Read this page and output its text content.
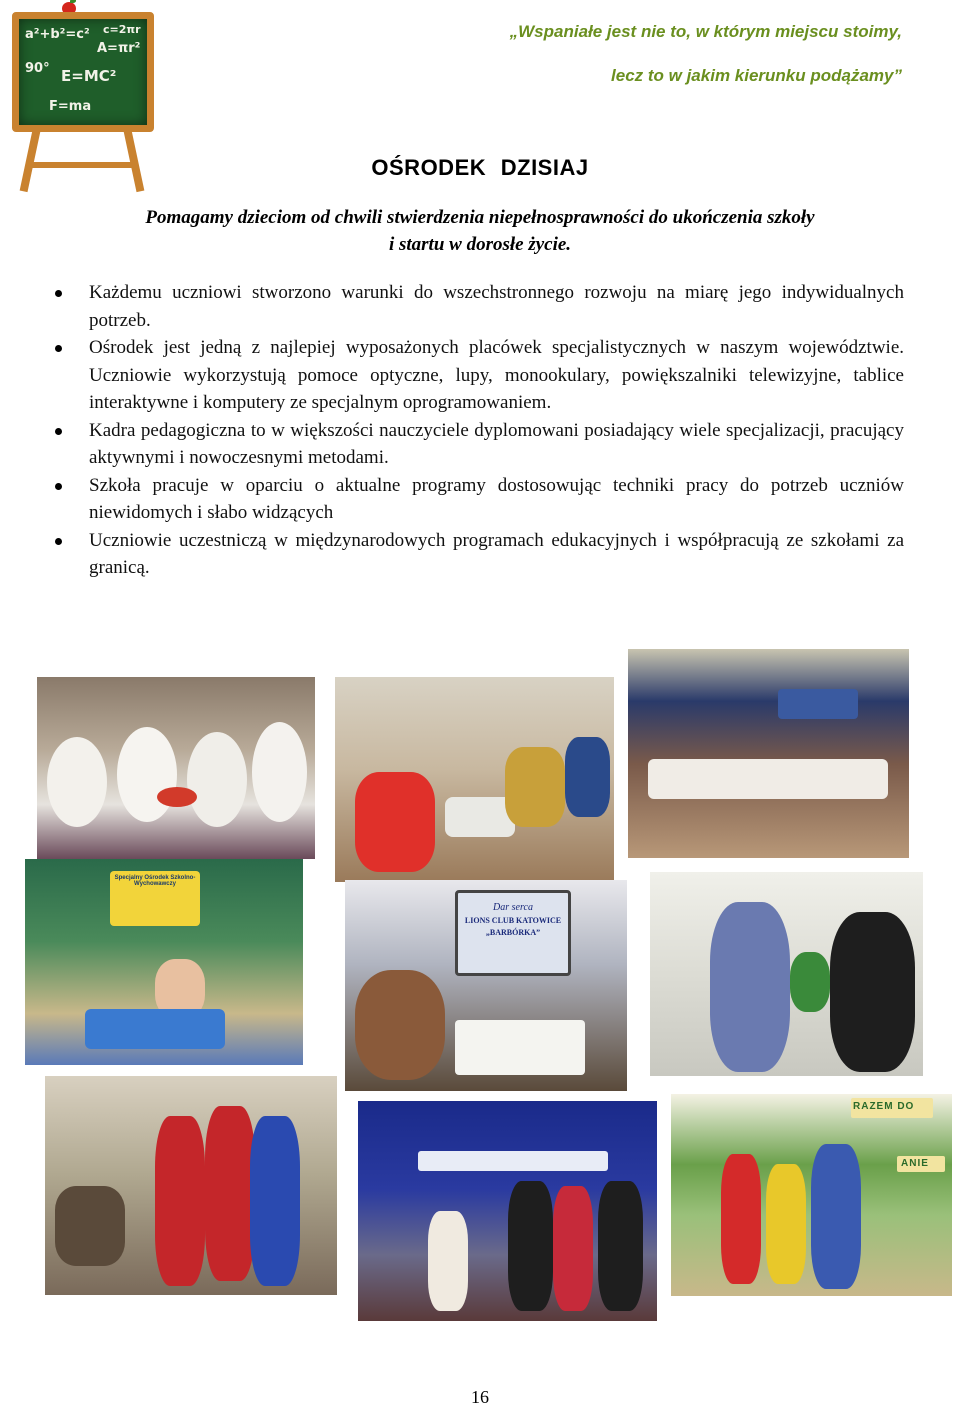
a²+b²=c²
A=πr²
c=2πr
90° E=MC²
F=ma
„Wspaniałe jest nie to, w którym miejscu stoimy,
lecz to w jakim kierunku podążamy”
OŚRODEK DZISIAJ
Pomagamy dzieciom od chwili stwierdzenia niepełnosprawności do ukończenia szkoły
i startu w dorosłe życie.
Każdemu uczniowi stworzono warunki do wszechstronnego rozwoju na miarę jego indywidualnych potrzeb.
Ośrodek jest jedną z najlepiej wyposażonych placówek specjalistycznych w naszym województwie. Uczniowie wykorzystują pomoce optyczne, lupy, monookulary, powiększalniki telewizyjne, tablice interaktywne i komputery ze specjalnym oprogramowaniem.
Kadra pedagogiczna to w większości nauczyciele dyplomowani posiadający wiele specjalizacji, pracujący aktywnymi i nowoczesnymi metodami.
Szkoła pracuje w oparciu o aktualne programy dostosowując techniki pracy do potrzeb uczniów niewidomych i słabo widzących
Uczniowie uczestniczą w międzynarodowych programach edukacyjnych i współpracują ze szkołami za granicą.
Specjalny Ośrodek Szkolno-Wychowawczy
Dar serca
LIONS CLUB KATOWICE
„BARBÓRKA”
RAZEM DO
ANIE
16
